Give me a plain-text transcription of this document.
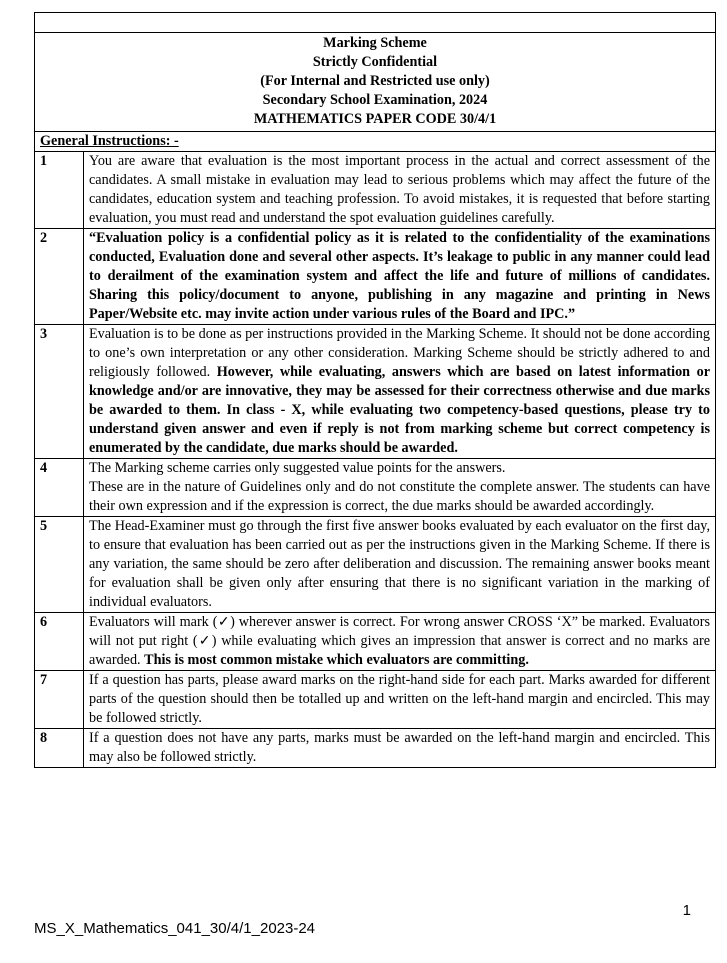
Marking Scheme
Strictly Confidential
(For Internal and Restricted use only)
Secondary School Examination, 2024
MATHEMATICS PAPER CODE 30/4/1	

General Instructions: -	
1	You are aware that evaluation is the most important process in the actual and correct assessment of the candidates. A small mistake in evaluation may lead to serious problems which may affect the future of the candidates, education system and teaching profession. To avoid mistakes, it is requested that before starting evaluation, you must read and understand the spot evaluation guidelines carefully.
2	“Evaluation policy is a confidential policy as it is related to the confidentiality of the examinations conducted, Evaluation done and several other aspects. It’s leakage to public in any manner could lead to derailment of the examination system and affect the life and future of millions of candidates. Sharing this policy/document to anyone, publishing in any magazine and printing in News Paper/Website etc. may invite action under various rules of the Board and IPC.”
3	Evaluation is to be done as per instructions provided in the Marking Scheme. It should not be done according to one’s own interpretation or any other consideration. Marking Scheme should be strictly adhered to and religiously followed. However, while evaluating, answers which are based on latest information or knowledge and/or are innovative, they may be assessed for their correctness otherwise and due marks be awarded to them. In class - X, while evaluating two competency-based questions, please try to understand given answer and even if reply is not from marking scheme but correct competency is enumerated by the candidate, due marks should be awarded.
4	The Marking scheme carries only suggested value points for the answers.
These are in the nature of Guidelines only and do not constitute the complete answer. The students can have their own expression and if the expression is correct, the due marks should be awarded accordingly.

5	The Head-Examiner must go through the first five answer books evaluated by each evaluator on the first day, to ensure that evaluation has been carried out as per the instructions given in the Marking Scheme. If there is any variation, the same should be zero after deliberation and discussion. The remaining answer books meant for evaluation shall be given only after ensuring that there is no significant variation in the marking of individual evaluators.
6	Evaluators will mark (✓) wherever answer is correct. For wrong answer CROSS ‘X” be marked. Evaluators will not put right (✓) while evaluating which gives an impression that answer is correct and no marks are awarded. This is most common mistake which evaluators are committing.
7	If a question has parts, please award marks on the right-hand side for each part. Marks awarded for different parts of the question should then be totalled up and written on the left-hand margin and encircled. This may be followed strictly.
8	If a question does not have any parts, marks must be awarded on the left-hand margin and encircled. This may also be followed strictly.
1
MS_X_Mathematics_041_30/4/1_2023-24
